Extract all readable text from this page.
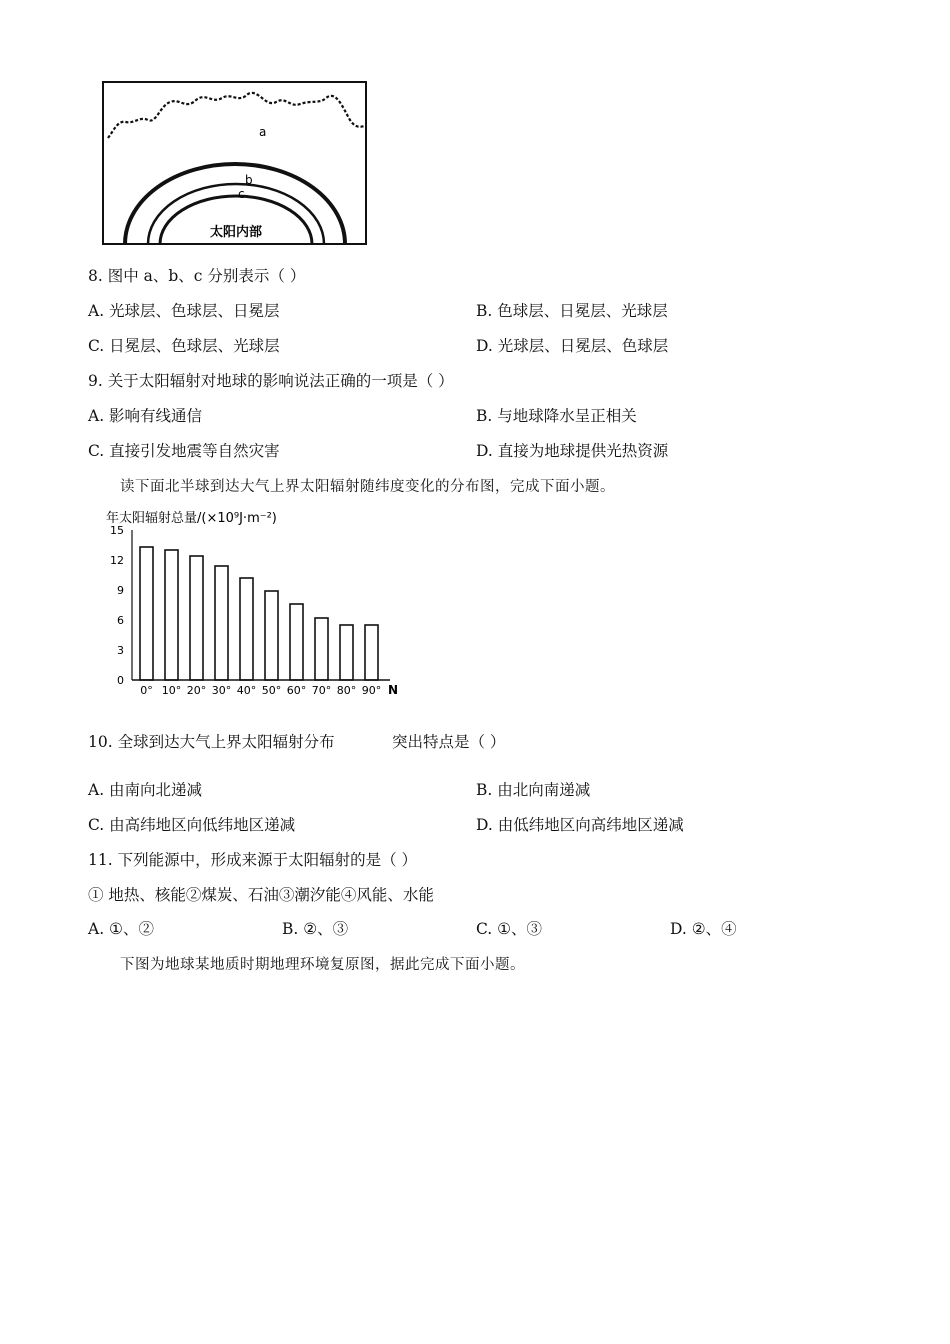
a
b
c
太阳内部
8. 图中 a、b、c 分别表示（ ）
A. 光球层、色球层、日冕层	B. 色球层、日冕层、光球层
C. 日冕层、色球层、光球层	D. 光球层、日冕层、色球层
9. 关于太阳辐射对地球的影响说法正确的一项是（ ）
A. 影响有线通信	B. 与地球降水呈正相关
C. 直接引发地震等自然灾害	D. 直接为地球提供光热资源
读下面北半球到达大气上界太阳辐射随纬度变化的分布图，完成下面小题。
年太阳辐射总量/(×10⁹J·m⁻²)
0
3
6
9
12
15
0° 10° 20° 30° 40° 50° 60° 70° 80° 90° N
10. 全球到达大气上界太阳辐射分布	突出特点是（ ）
A. 由南向北递减	B. 由北向南递减
C. 由高纬地区向低纬地区递减	D. 由低纬地区向高纬地区递减
11. 下列能源中，形成来源于太阳辐射的是（ ）
① 地热、核能②煤炭、石油③潮汐能④风能、水能
A. ①、②	B. ②、③	C. ①、③	D. ②、④
下图为地球某地质时期地理环境复原图，据此完成下面小题。
